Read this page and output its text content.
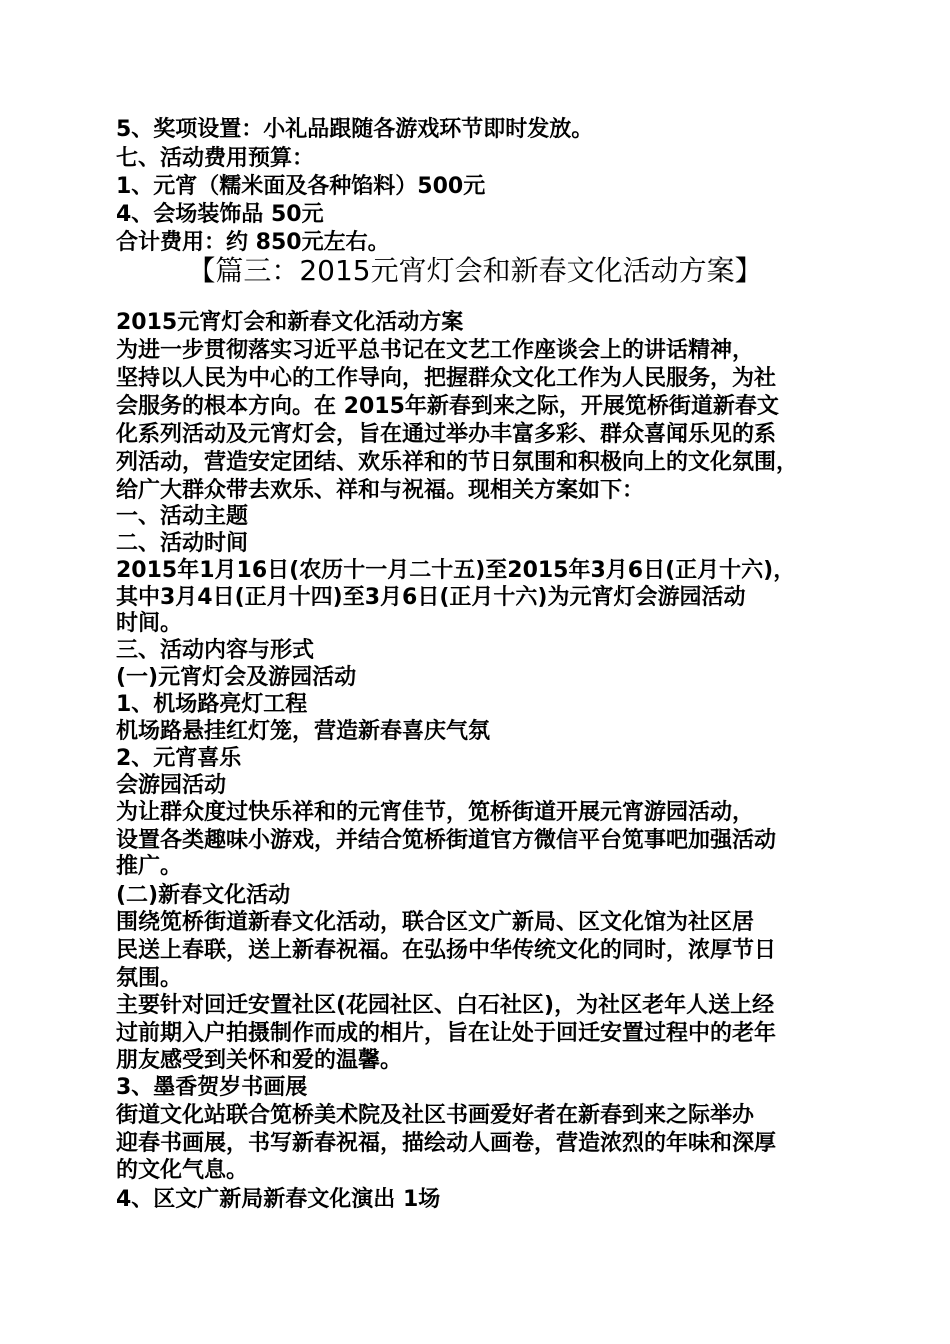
5、奖项设置：小礼品跟随各游戏环节即时发放。
七、活动费用预算：
1、元宵（糯米面及各种馅料）500元
4、会场装饰品 50元
合计费用：约 850元左右。
【篇三：2015元宵灯会和新春文化活动方案】
2015元宵灯会和新春文化活动方案
为进一步贯彻落实习近平总书记在文艺工作座谈会上的讲话精神，
坚持以人民为中心的工作导向，把握群众文化工作为人民服务，为社
会服务的根本方向。在 2015年新春到来之际，开展笕桥街道新春文
化系列活动及元宵灯会，旨在通过举办丰富多彩、群众喜闻乐见的系
列活动，营造安定团结、欢乐祥和的节日氛围和积极向上的文化氛围，
给广大群众带去欢乐、祥和与祝福。现相关方案如下：
一、活动主题
二、活动时间
2015年1月16日(农历十一月二十五)至2015年3月6日(正月十六)，
其中3月4日(正月十四)至3月6日(正月十六)为元宵灯会游园活动
时间。
三、活动内容与形式
(一)元宵灯会及游园活动
1、机场路亮灯工程
机场路悬挂红灯笼，营造新春喜庆气氛
2、元宵喜乐
会游园活动
为让群众度过快乐祥和的元宵佳节，笕桥街道开展元宵游园活动，
设置各类趣味小游戏，并结合笕桥街道官方微信平台笕事吧加强活动
推广。
(二)新春文化活动
围绕笕桥街道新春文化活动，联合区文广新局、区文化馆为社区居
民送上春联，送上新春祝福。在弘扬中华传统文化的同时，浓厚节日
氛围。
主要针对回迁安置社区(花园社区、白石社区)，为社区老年人送上经
过前期入户拍摄制作而成的相片，旨在让处于回迁安置过程中的老年
朋友感受到关怀和爱的温馨。
3、墨香贺岁书画展
街道文化站联合笕桥美术院及社区书画爱好者在新春到来之际举办
迎春书画展，书写新春祝福，描绘动人画卷，营造浓烈的年味和深厚
的文化气息。
4、区文广新局新春文化演出 1场
